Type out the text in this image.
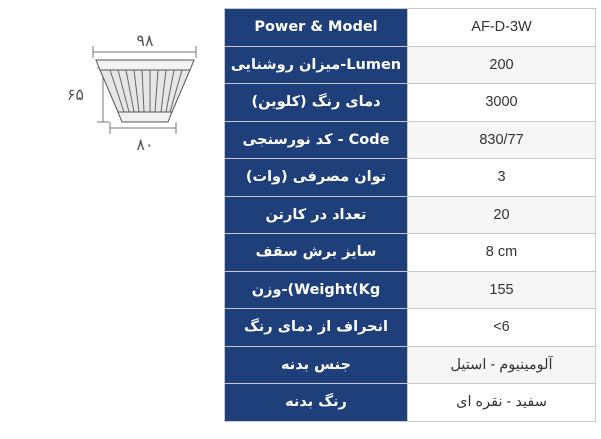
۹۸
۶۵
۸۰
Power & Model	AF-D-3W
میزان روشنایی-Lumen	200
دمای رنگ (کلوین)	3000
کد نورسنجی - Code	830/77
توان مصرفی (وات)	3
تعداد در کارتن	20
سایز برش سقف	8 cm
وزن-(Weight(Kg	155
انحراف از دمای رنگ	<6
جنس بدنه	آلومینیوم - استیل
رنگ بدنه	سفید - نقره ای
